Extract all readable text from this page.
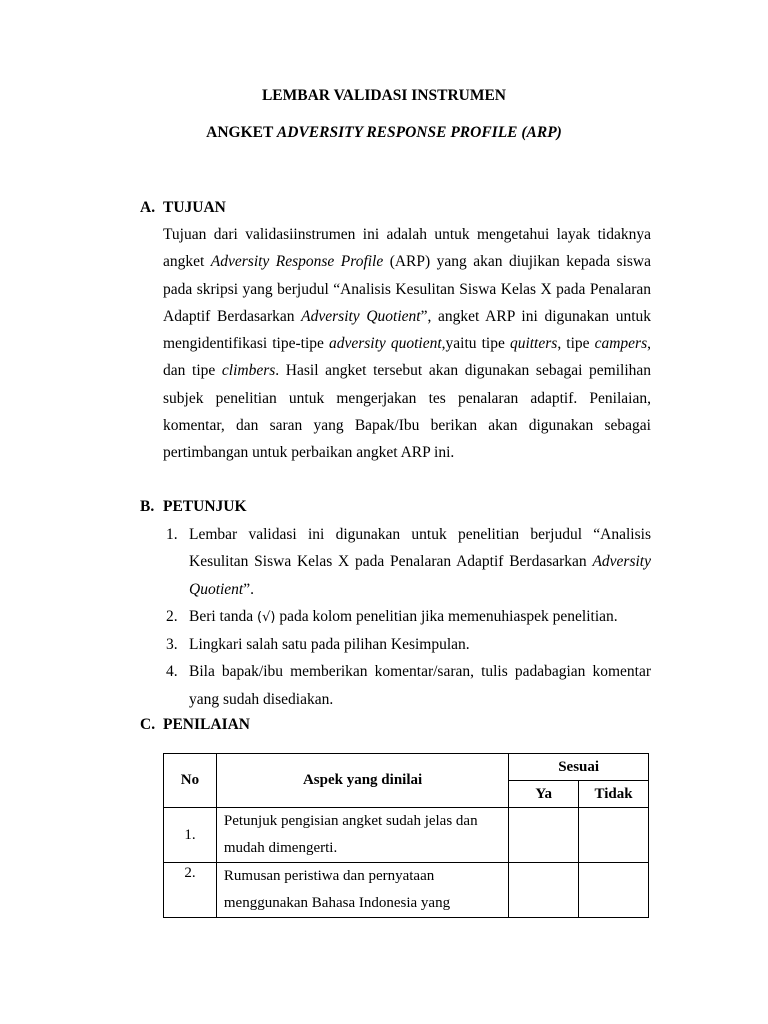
LEMBAR VALIDASI INSTRUMEN
ANGKET ADVERSITY RESPONSE PROFILE (ARP)
A. TUJUAN
Tujuan dari validasiinstrumen ini adalah untuk mengetahui layak tidaknya angket Adversity Response Profile (ARP) yang akan diujikan kepada siswa pada skripsi yang berjudul “Analisis Kesulitan Siswa Kelas X pada Penalaran Adaptif Berdasarkan Adversity Quotient”, angket ARP ini digunakan untuk mengidentifikasi tipe-tipe adversity quotient,yaitu tipe quitters, tipe campers, dan tipe climbers. Hasil angket tersebut akan digunakan sebagai pemilihan subjek penelitian untuk mengerjakan tes penalaran adaptif. Penilaian, komentar, dan saran yang Bapak/Ibu berikan akan digunakan sebagai pertimbangan untuk perbaikan angket ARP ini.
B. PETUNJUK
1. Lembar validasi ini digunakan untuk penelitian berjudul “Analisis Kesulitan Siswa Kelas X pada Penalaran Adaptif Berdasarkan Adversity Quotient”.
2. Beri tanda (√) pada kolom penelitian jika memenuhiaspek penelitian.
3. Lingkari salah satu pada pilihan Kesimpulan.
4. Bila bapak/ibu memberikan komentar/saran, tulis padabagian komentar yang sudah disediakan.
C. PENILAIAN
No	Aspek yang dinilai	Sesuai	
		Ya	Tidak
1.	Petunjuk pengisian angket sudah jelas dan mudah dimengerti.		
2.	Rumusan peristiwa dan pernyataan menggunakan Bahasa Indonesia yang		
